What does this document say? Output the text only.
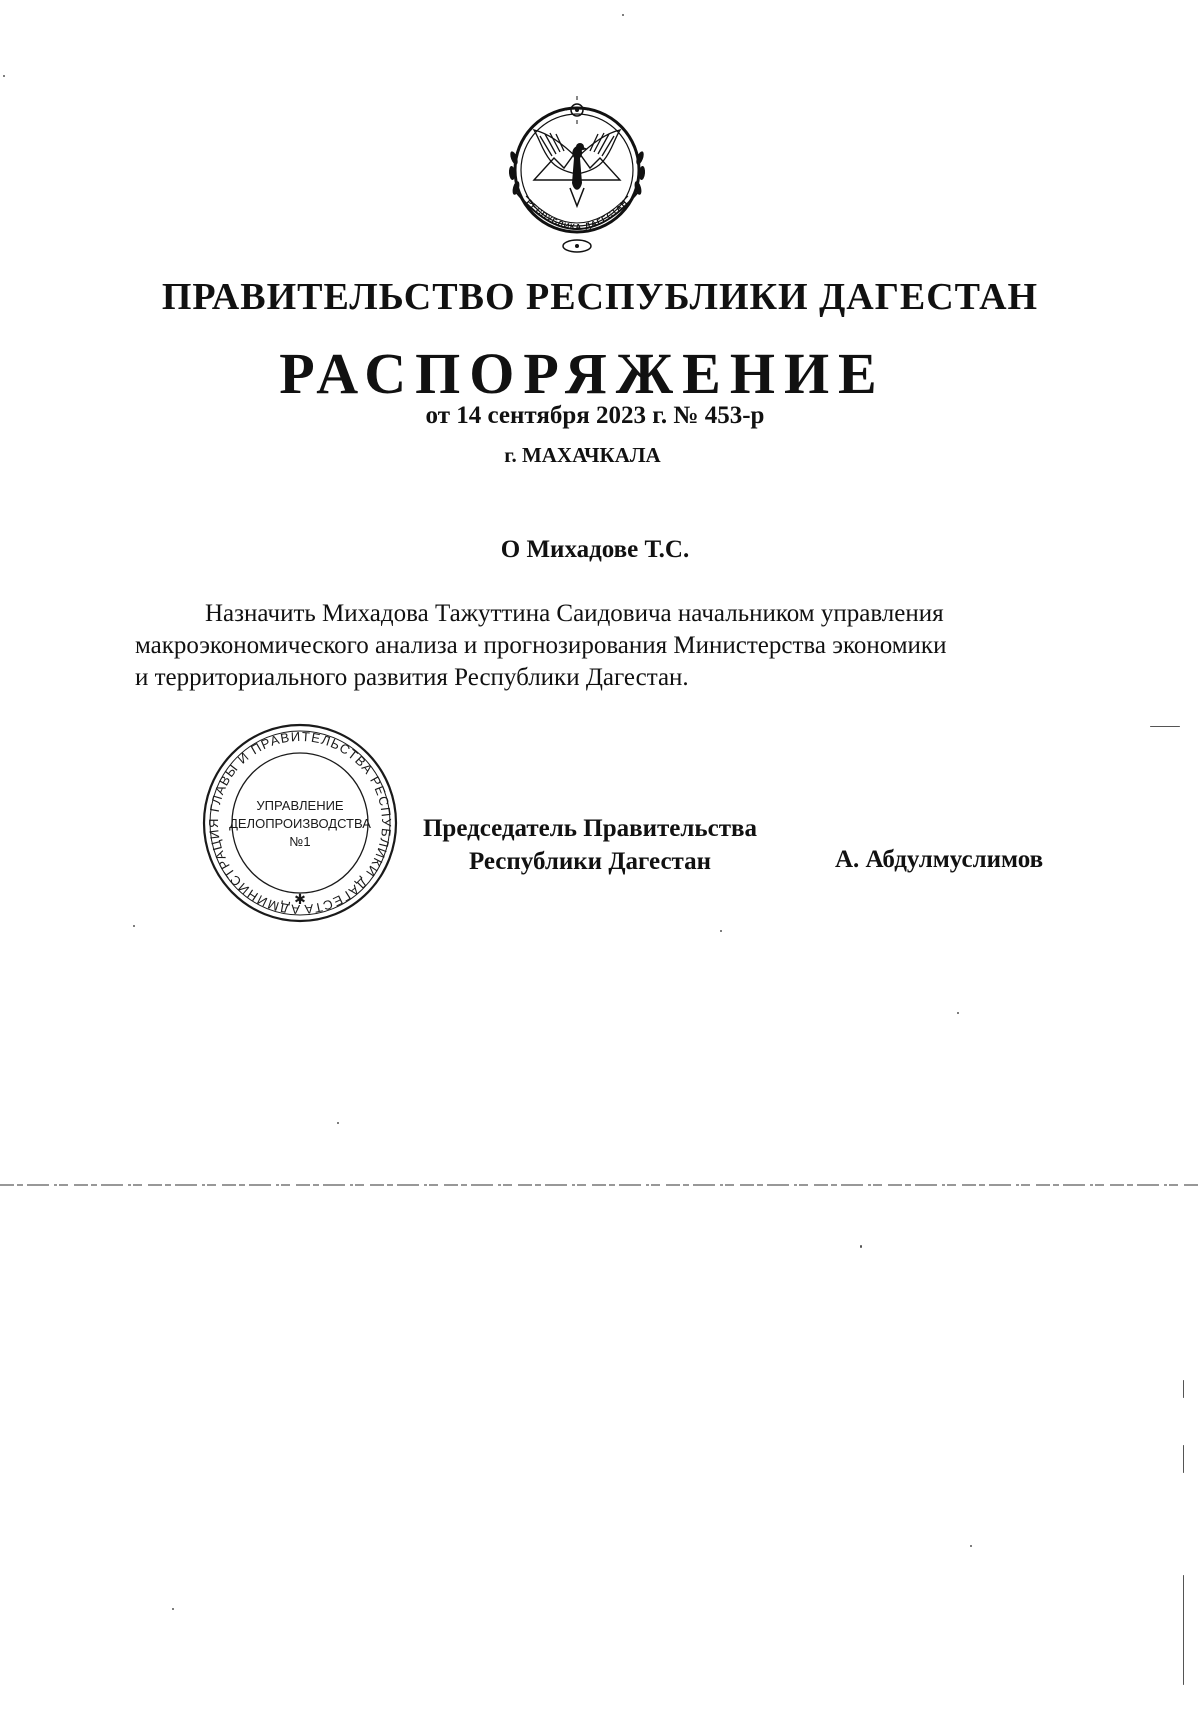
РЕСПУБЛИКА ДАГЕСТАН
ПРАВИТЕЛЬСТВО РЕСПУБЛИКИ ДАГЕСТАН
РАСПОРЯЖЕНИЕ
от 14 сентября 2023 г. № 453-р
г. МАХАЧКАЛА
О Михадове Т.С.
Назначить Михадова Тажуттина Саидовича начальником управления
макроэкономического анализа и прогнозирования Министерства экономики
и территориального развития Республики Дагестан.
АДМИНИСТРАЦИЯ ГЛАВЫ И ПРАВИТЕЛЬСТВА РЕСПУБЛИКИ ДАГЕСТА
✱
УПРАВЛЕНИЕ
ДЕЛОПРОИЗВОДСТВА
№1	Председатель Правительства
Республики Дагестан	А. Абдулмуслимов
